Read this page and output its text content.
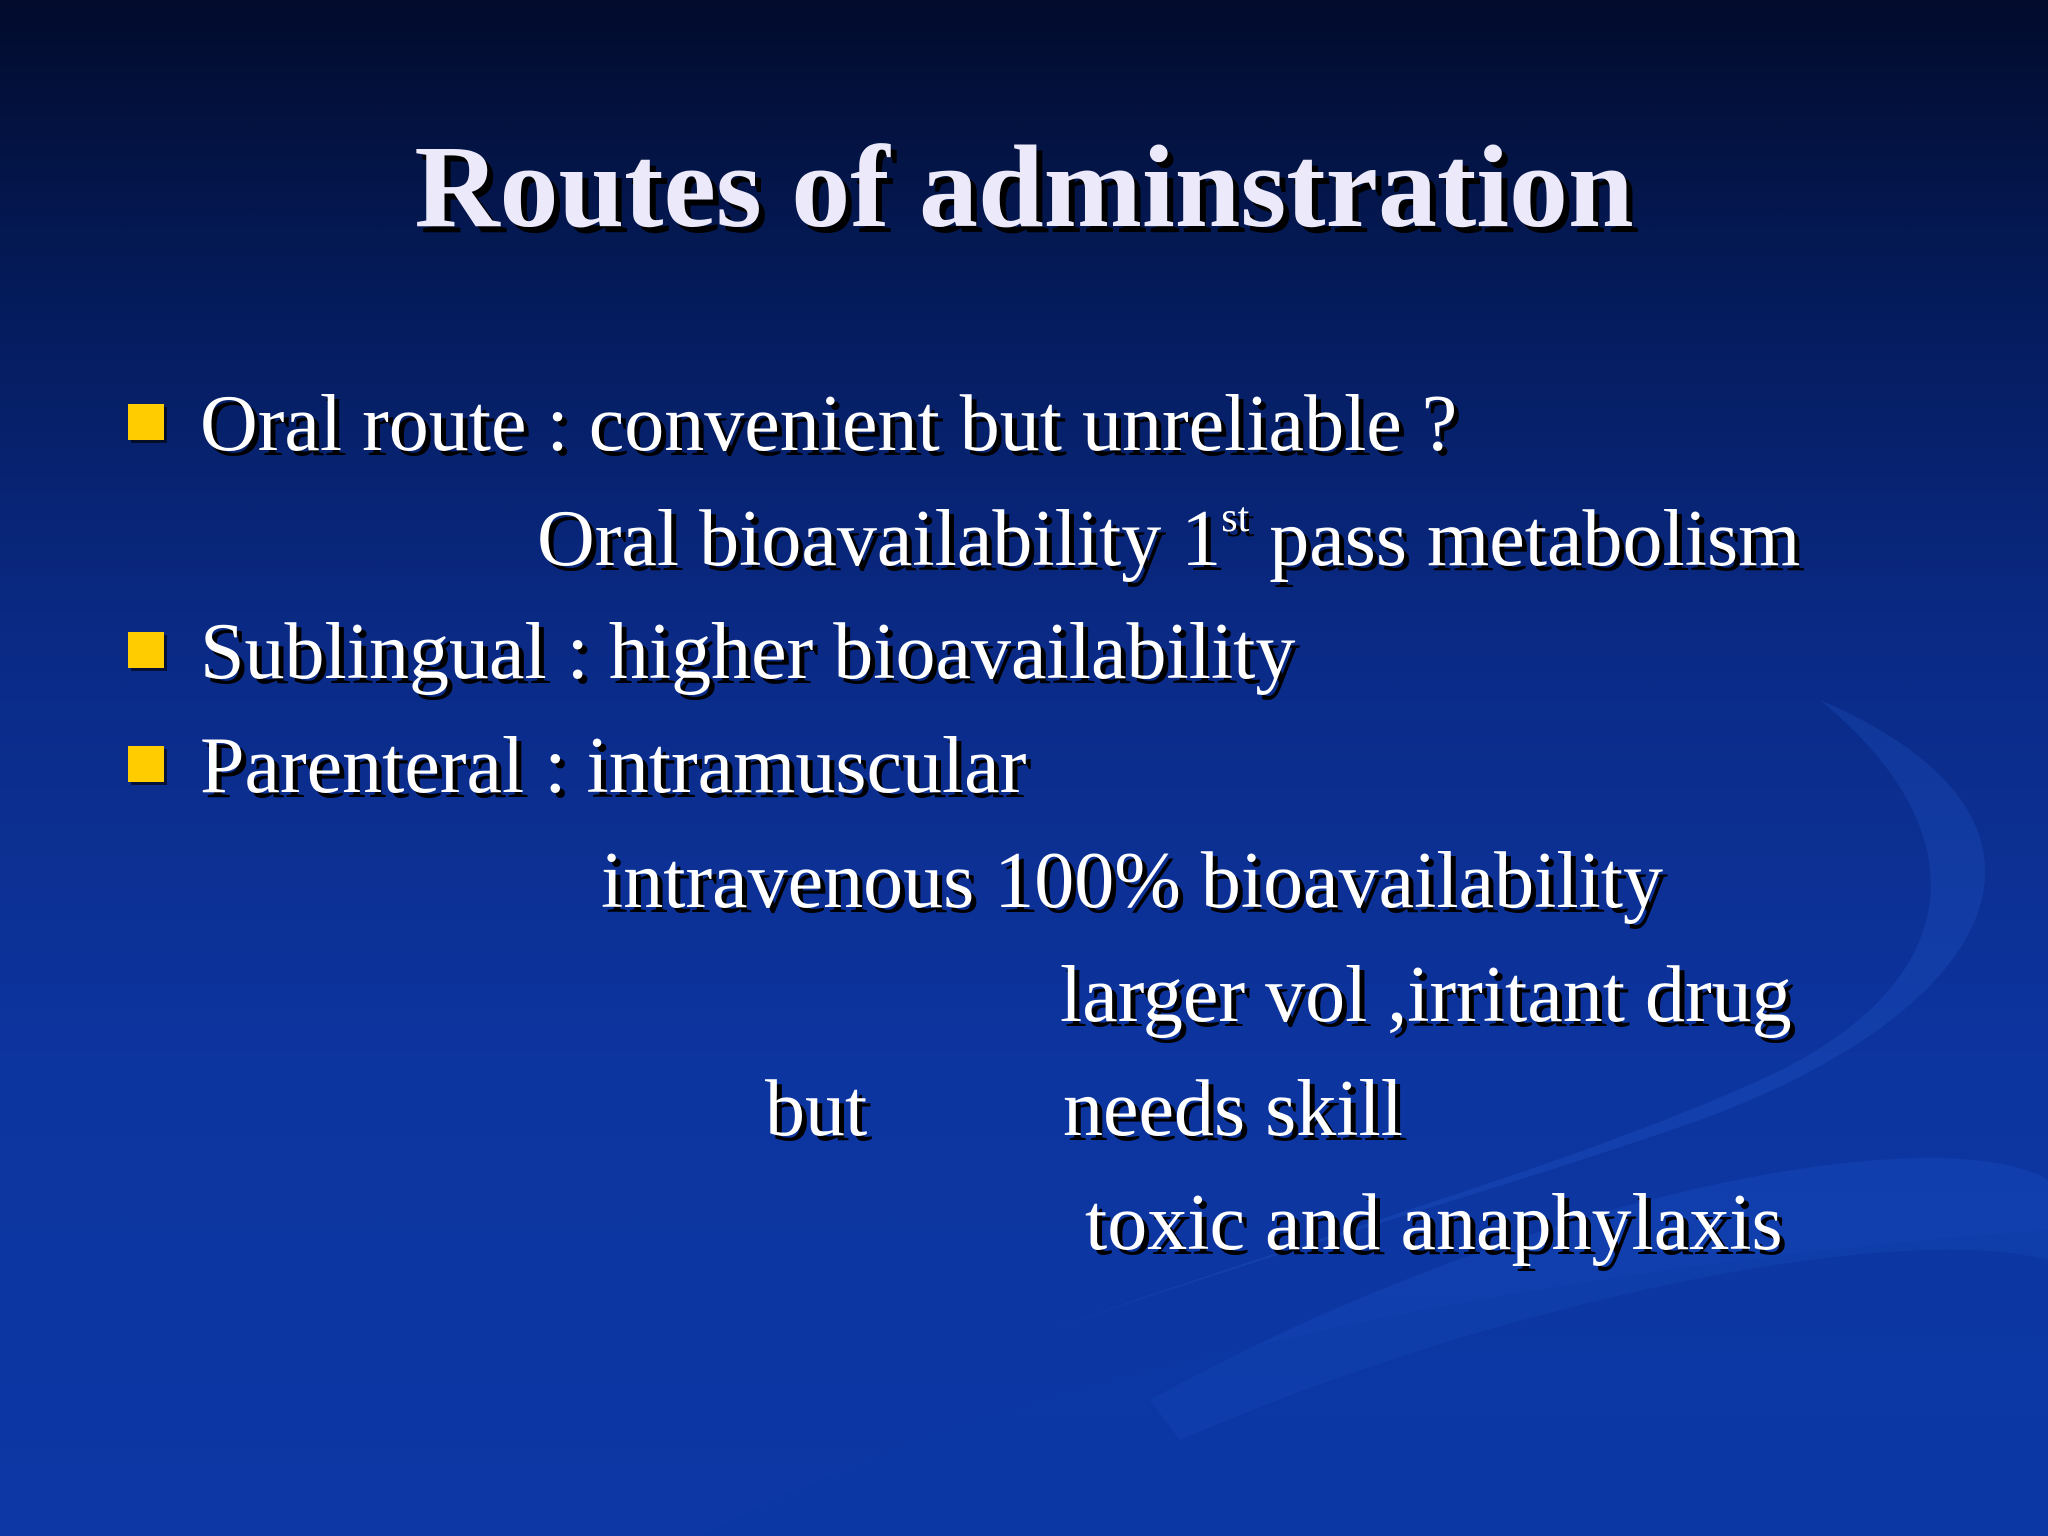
Routes of adminstration
Oral route : convenient but unreliable ?
Oral bioavailability 1st pass metabolism
Sublingual : higher bioavailability
Parenteral : intramuscular
intravenous 100% bioavailability
larger vol ,irritant drug
but needs skill
toxic and anaphylaxis
